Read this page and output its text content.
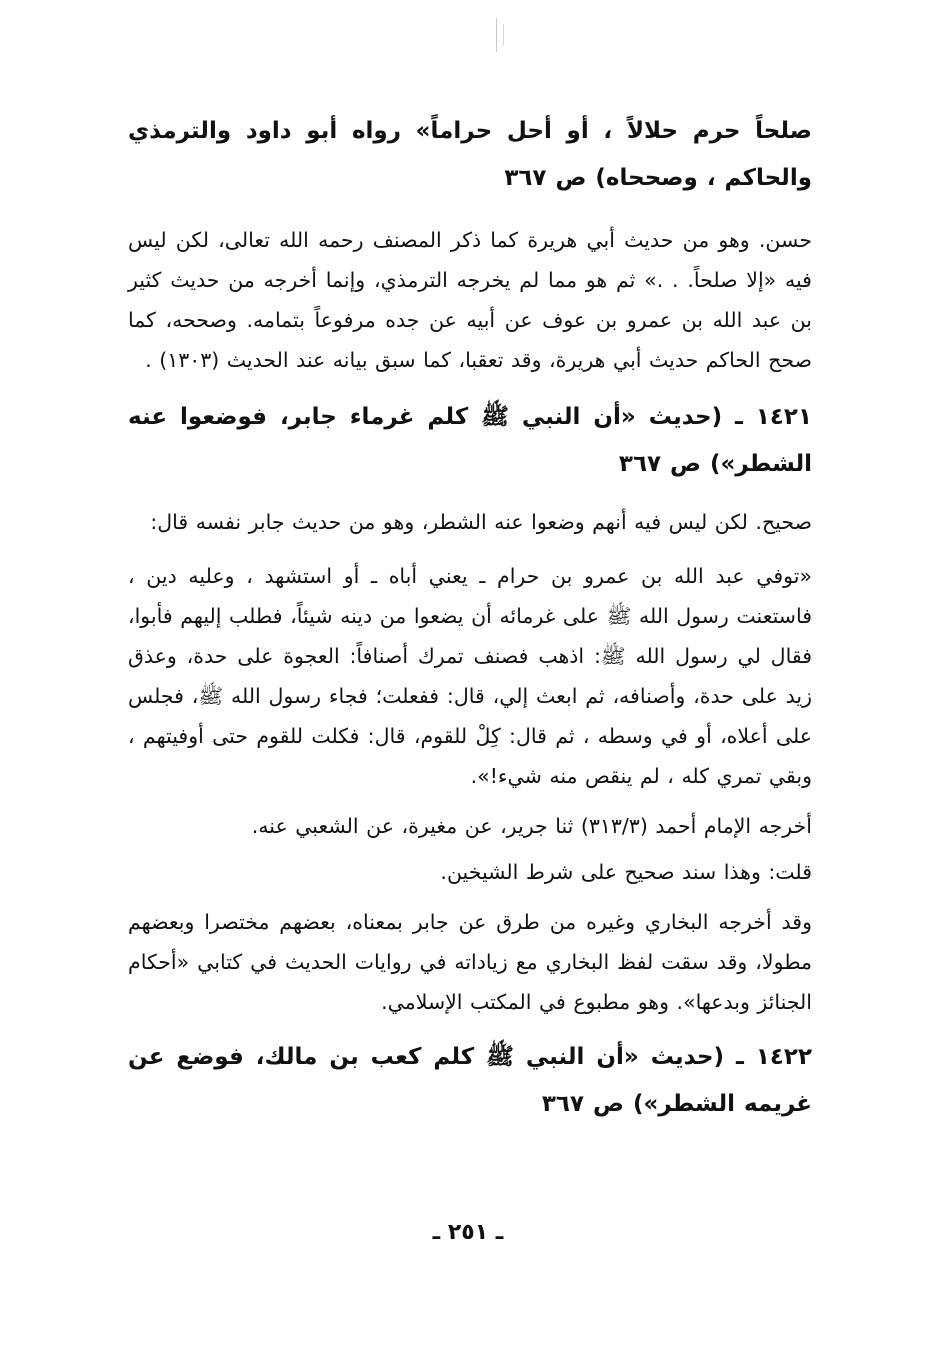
صلحاً حرم حلالاً ، أو أحل حراماً» رواه أبو داود والترمذي والحاكم ، وصححاه) ص ٣٦٧

حسن. وهو من حديث أبي هريرة كما ذكر المصنف رحمه الله تعالى، لكن ليس فيه «إلا صلحاً. . .» ثم هو مما لم يخرجه الترمذي، وإنما أخرجه من حديث كثير بن عبد الله بن عمرو بن عوف عن أبيه عن جده مرفوعاً بتمامه. وصححه، كما صحح الحاكم حديث أبي هريرة، وقد تعقبا، كما سبق بيانه عند الحديث (١٣٠٣) .

١٤٢١ ـ (حديث «أن النبي ﷺ كلم غرماء جابر، فوضعوا عنه الشطر») ص ٣٦٧

صحيح. لكن ليس فيه أنهم وضعوا عنه الشطر، وهو من حديث جابر نفسه قال:

«توفي عبد الله بن عمرو بن حرام ـ يعني أباه ـ أو استشهد ، وعليه دين ، فاستعنت رسول الله ﷺ على غرمائه أن يضعوا من دينه شيئاً، فطلب إليهم فأبوا، فقال لي رسول الله ﷺ: اذهب فصنف تمرك أصنافاً: العجوة على حدة، وعذق زيد على حدة، وأصنافه، ثم ابعث إلي، قال: ففعلت؛ فجاء رسول الله ﷺ، فجلس على أعلاه، أو في وسطه ، ثم قال: كِلْ للقوم، قال: فكلت للقوم حتى أوفيتهم ، وبقي تمري كله ، لم ينقص منه شيء!».

أخرجه الإمام أحمد (٣١٣/٣) ثنا جرير، عن مغيرة، عن الشعبي عنه.

قلت: وهذا سند صحيح على شرط الشيخين.

وقد أخرجه البخاري وغيره من طرق عن جابر بمعناه، بعضهم مختصرا وبعضهم مطولا، وقد سقت لفظ البخاري مع زياداته في روايات الحديث في كتابي «أحكام الجنائز وبدعها». وهو مطبوع في المكتب الإسلامي.

١٤٢٢ ـ (حديث «أن النبي ﷺ كلم كعب بن مالك، فوضع عن غريمه الشطر») ص ٣٦٧

ـ ٢٥١ ـ
